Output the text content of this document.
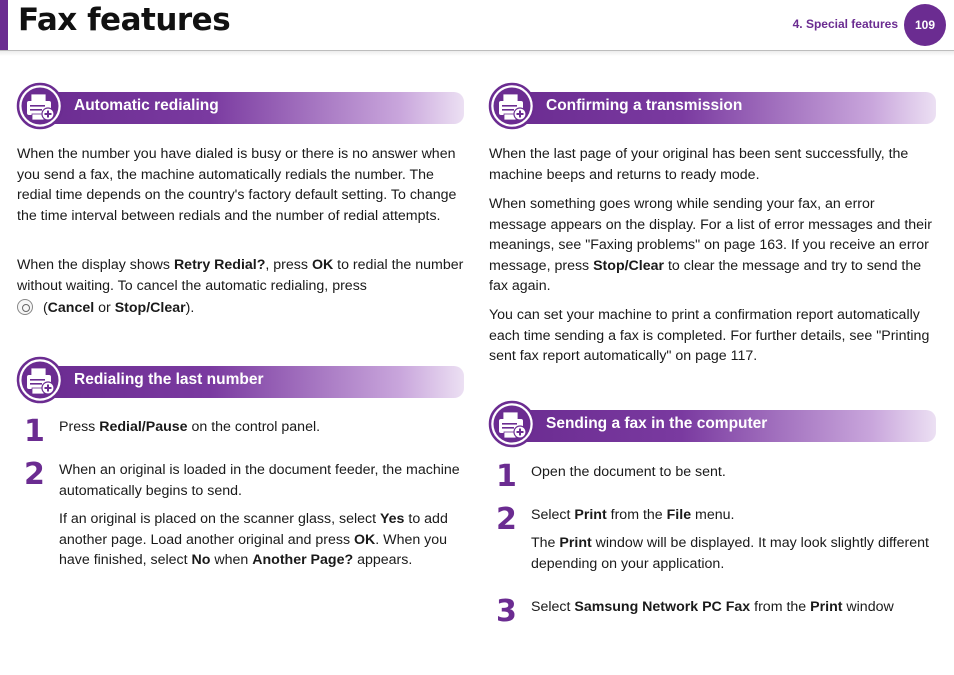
Fax features	4. Special features	109
Automatic redialing
When the number you have dialed is busy or there is no answer when you send a fax, the machine automatically redials the number. The redial time depends on the country's factory default setting. To change the time interval between redials and the number of redial attempts.
When the display shows Retry Redial?, press OK to redial the number without waiting. To cancel the automatic redialing, press
(Cancel or Stop/Clear).
Redialing the last number
1 Press Redial/Pause on the control panel.
2 When an original is loaded in the document feeder, the machine automatically begins to send.
If an original is placed on the scanner glass, select Yes to add another page. Load another original and press OK. When you have finished, select No when Another Page? appears.
Confirming a transmission
When the last page of your original has been sent successfully, the machine beeps and returns to ready mode.
When something goes wrong while sending your fax, an error message appears on the display. For a list of error messages and their meanings, see "Faxing problems" on page 163. If you receive an error message, press Stop/Clear to clear the message and try to send the fax again.
You can set your machine to print a confirmation report automatically each time sending a fax is completed. For further details, see "Printing sent fax report automatically" on page 117.
Sending a fax in the computer
1 Open the document to be sent.
2 Select Print from the File menu.
The Print window will be displayed. It may look slightly different depending on your application.
3 Select Samsung Network PC Fax from the Print window
